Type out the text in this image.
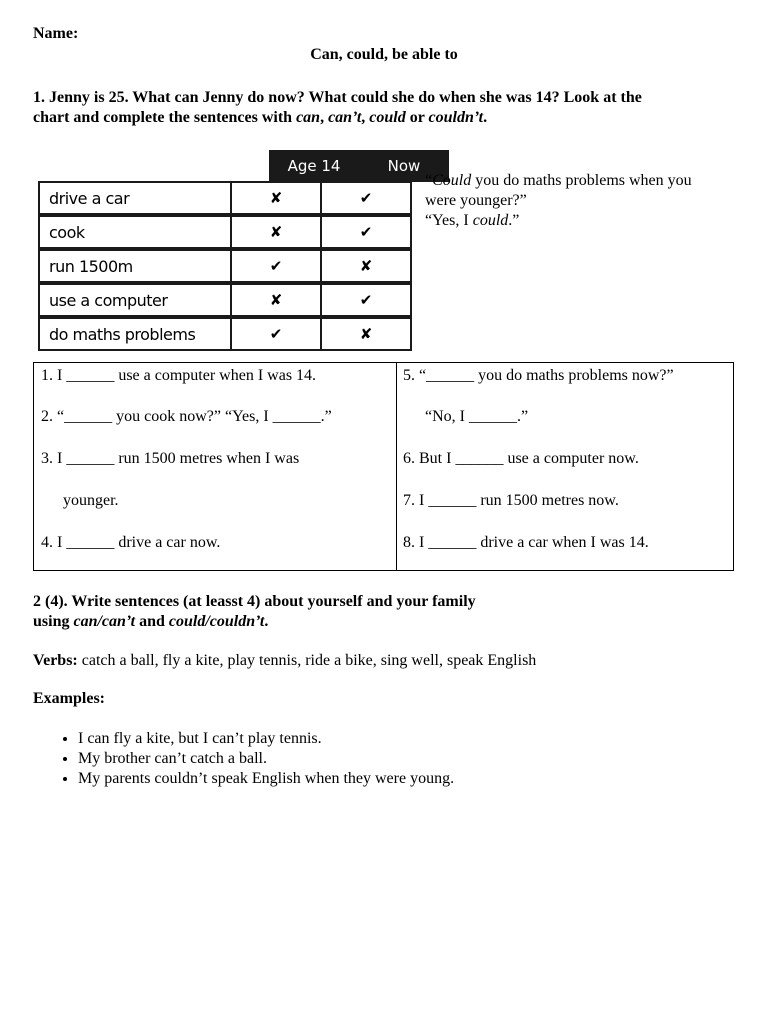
Name:
Can, could, be able to
1. Jenny is 25. What can Jenny do now? What could she do when she was 14? Look at the
chart and complete the sentences with can, can’t, could or couldn’t.
Age 14	Now
drive a car	✘	✔
cook	✘	✔
run 1500m	✔	✘
use a computer	✘	✔
do maths problems	✔	✘
“Could you do maths problems when you
were younger?”
“Yes, I could.”
1. I ______ use a computer when I was 14.
2. “______ you cook now?” “Yes, I ______.”
3. I ______ run 1500 metres when I was
younger.
4. I ______ drive a car now.
5. “______ you do maths problems now?”
“No, I ______.”
6. But I ______ use a computer now.
7. I ______ run 1500 metres now.
8. I ______ drive a car when I was 14.
2 (4). Write sentences (at leasst 4) about yourself and your family
using can/can’t and could/couldn’t.
Verbs: catch a ball, fly a kite, play tennis, ride a bike, sing well, speak English
Examples:
• I can fly a kite, but I can’t play tennis.
• My brother can’t catch a ball.
• My parents couldn’t speak English when they were young.
